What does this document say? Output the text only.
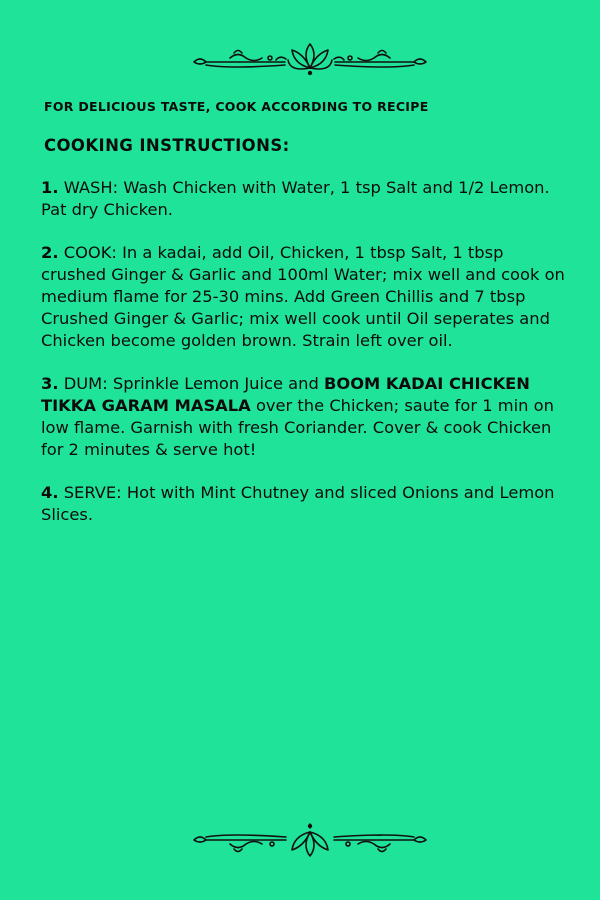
FOR DELICIOUS TASTE, COOK ACCORDING TO RECIPE
COOKING INSTRUCTIONS:

1. WASH: Wash Chicken with Water, 1 tsp Salt and 1/2 Lemon. Pat dry Chicken.

2. COOK: In a kadai, add Oil, Chicken, 1 tbsp Salt, 1 tbsp crushed Ginger & Garlic and 100ml Water; mix well and cook on medium flame for 25-30 mins. Add Green Chillis and 7 tbsp Crushed Ginger & Garlic; mix well cook until Oil seperates and Chicken become golden brown. Strain left over oil.

3. DUM: Sprinkle Lemon Juice and BOOM KADAI CHICKEN TIKKA GARAM MASALA over the Chicken; saute for 1 min on low flame. Garnish with fresh Coriander. Cover & cook Chicken for 2 minutes & serve hot!

4. SERVE: Hot with Mint Chutney and sliced Onions and Lemon Slices.
